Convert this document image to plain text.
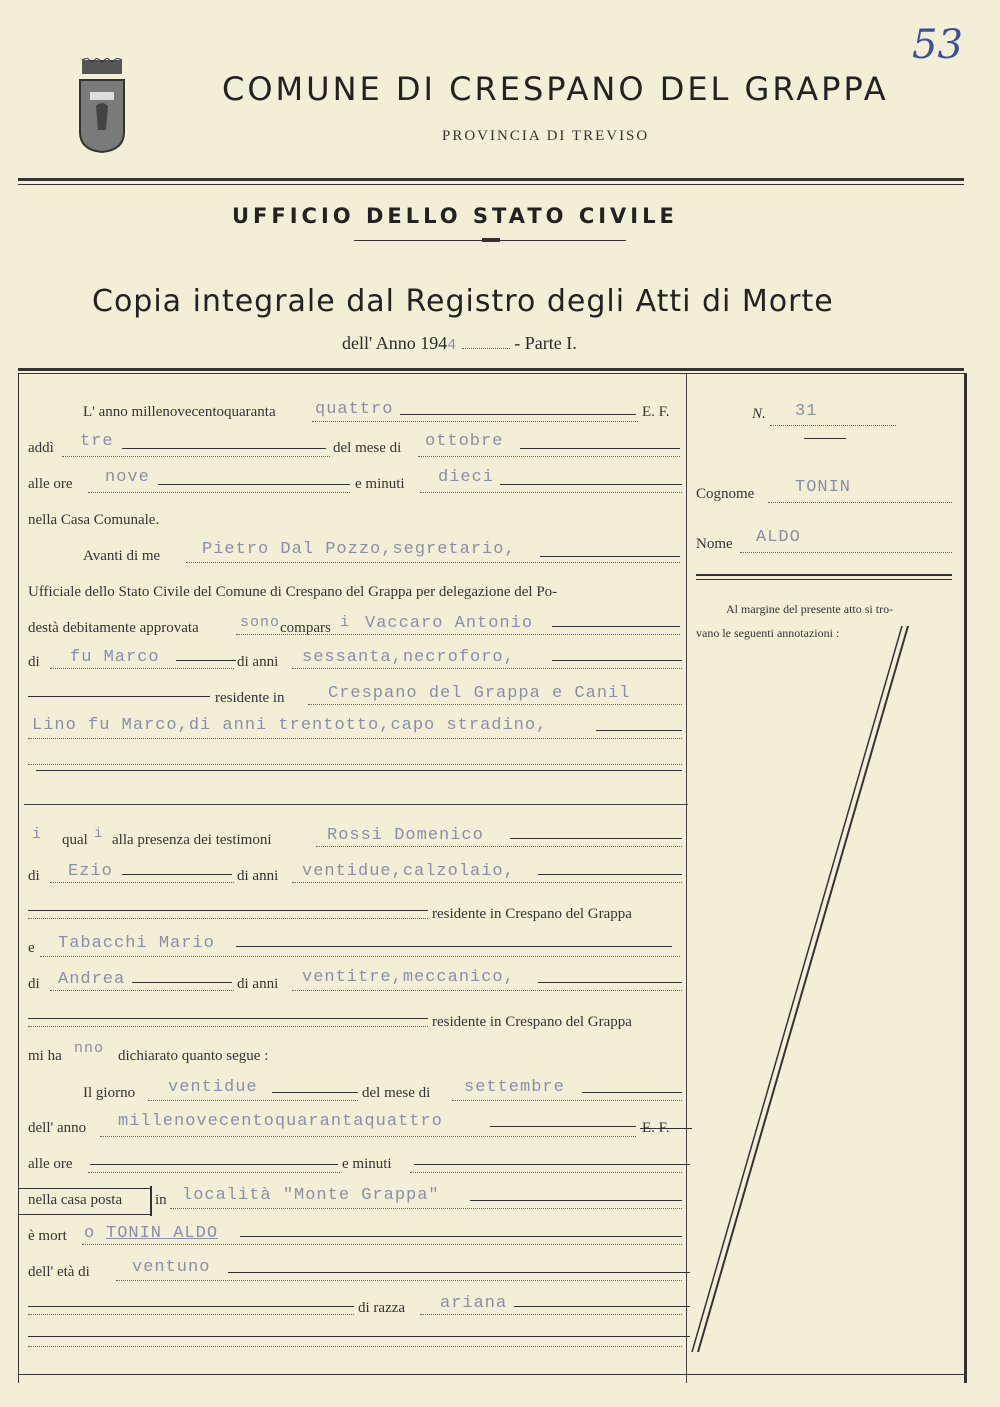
53
COMUNE DI CRESPANO DEL GRAPPA
PROVINCIA DI TREVISO
UFFICIO DELLO STATO CIVILE
Copia integrale dal Registro degli Atti di Morte
dell' Anno 1944	- Parte I.
N. 31
Cognome TONIN
Nome ALDO
Al margine del presente atto si tro-
vano le seguenti annotazioni :
L' anno millenovecentoquaranta quattro	E. F.
addì tre	del mese di ottobre
alle ore nove	e minuti dieci
nella Casa Comunale.
Avanti di me Pietro Dal Pozzo,segretario,
Ufficiale dello Stato Civile del Comune di Crespano del Grappa per delegazione del Po-
destà debitamente approvata	sono compars i Vaccaro Antonio
di fu Marco	di anni sessanta,necroforo,
residente in	Crespano del Grappa e Canil
Lino fu Marco,di anni trentotto,capo stradino,
i qual i alla presenza dei testimoni	Rossi Domenico
di Ezio	di anni ventidue,calzolaio,
residente in Crespano del Grappa
e Tabacchi Mario
di Andrea	di anni ventitre,meccanico,
residente in Crespano del Grappa
mi ha nno dichiarato quanto segue :
Il giorno ventidue	del mese di settembre
dell' anno millenovecentoquarantaquattro	E. F.
alle ore	e minuti
nella casa posta in località "Monte Grappa"
è mort o TONIN ALDO
dell' età di ventuno
di razza ariana
